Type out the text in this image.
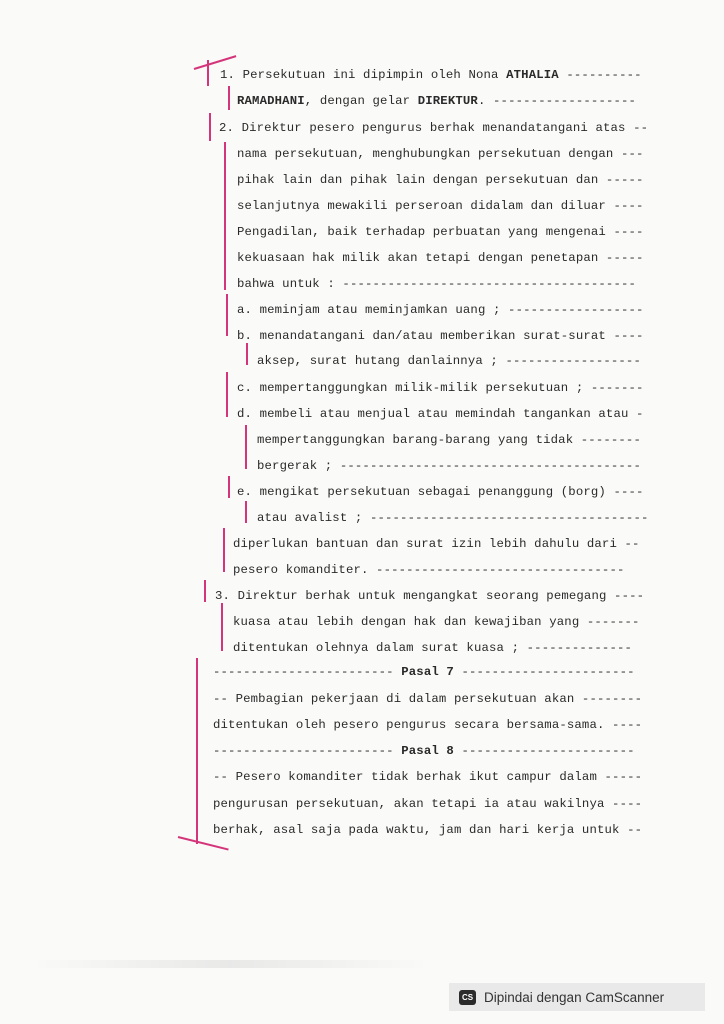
1. Persekutuan ini dipimpin oleh Nona ATHALIA ----------
RAMADHANI, dengan gelar DIREKTUR. -------------------
2. Direktur pesero pengurus berhak menandatangani atas --
nama persekutuan, menghubungkan persekutuan dengan ---
pihak lain dan pihak lain dengan persekutuan dan -----
selanjutnya mewakili perseroan didalam dan diluar ----
Pengadilan, baik terhadap perbuatan yang mengenai ----
kekuasaan hak milik akan tetapi dengan penetapan -----
bahwa untuk : ---------------------------------------
a. meminjam atau meminjamkan uang ; ------------------
b. menandatangani dan/atau memberikan surat-surat ----
aksep, surat hutang danlainnya ; ------------------
c. mempertanggungkan milik-milik persekutuan ; -------
d. membeli atau menjual atau memindah tangankan atau -
mempertanggungkan barang-barang yang tidak --------
bergerak ; ----------------------------------------
e. mengikat persekutuan sebagai penanggung (borg) ----
atau avalist ; -------------------------------------
diperlukan bantuan dan surat izin lebih dahulu dari --
pesero komanditer. ---------------------------------
3. Direktur berhak untuk mengangkat seorang pemegang ----
kuasa atau lebih dengan hak dan kewajiban yang -------
ditentukan olehnya dalam surat kuasa ; --------------
------------------------ Pasal 7 -----------------------
-- Pembagian pekerjaan di dalam persekutuan akan --------
ditentukan oleh pesero pengurus secara bersama-sama. ----
------------------------ Pasal 8 -----------------------
-- Pesero komanditer tidak berhak ikut campur dalam -----
pengurusan persekutuan, akan tetapi ia atau wakilnya ----
berhak, asal saja pada waktu, jam dan hari kerja untuk --
CS Dipindai dengan CamScanner
